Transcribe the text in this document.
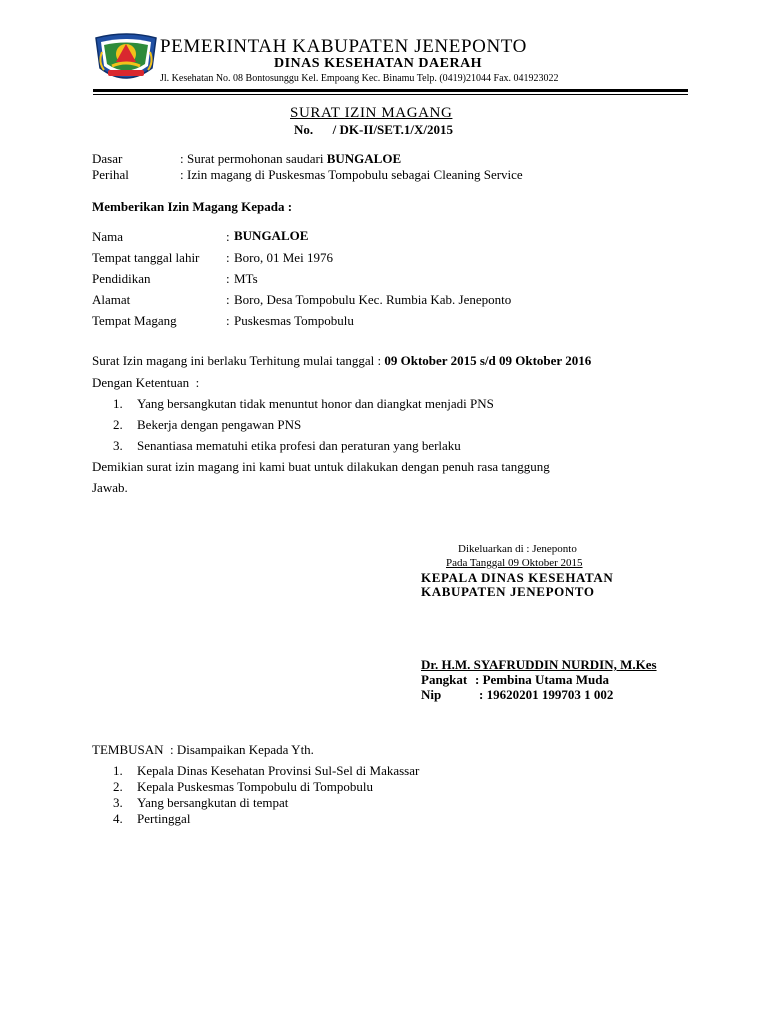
PEMERINTAH KABUPATEN JENEPONTO
DINAS KESEHATAN DAERAH
Jl. Kesehatan No. 08 Bontosunggu Kel. Empoang Kec. Binamu Telp. (0419)21044 Fax. 041923022
SURAT IZIN MAGANG
No.      / DK-II/SET.1/X/2015
Dasar	: Surat permohonan saudari BUNGALOE
Perihal	: Izin magang di Puskesmas Tompobulu sebagai Cleaning Service
Memberikan Izin Magang Kepada :
Nama	: BUNGALOE
Tempat tanggal lahir : Boro, 01 Mei 1976
Pendidikan	: MTs
Alamat	: Boro, Desa Tompobulu Kec. Rumbia Kab. Jeneponto
Tempat Magang	: Puskesmas Tompobulu
Surat Izin magang ini berlaku Terhitung mulai tanggal : 09 Oktober 2015 s/d 09 Oktober 2016
Dengan Ketentuan  :
1. Yang bersangkutan tidak menuntut honor dan diangkat menjadi PNS
2. Bekerja dengan pengawan PNS
3. Senantiasa mematuhi etika profesi dan peraturan yang berlaku
Demikian surat izin magang ini kami buat untuk dilakukan dengan penuh rasa tanggung
Jawab.
Dikeluarkan di : Jeneponto
Pada Tanggal 09 Oktober 2015
KEPALA DINAS KESEHATAN
KABUPATEN JENEPONTO
Dr. H.M. SYAFRUDDIN NURDIN, M.Kes
Pangkat : Pembina Utama Muda
Nip	: 19620201 199703 1 002
TEMBUSAN  : Disampaikan Kepada Yth.
1. Kepala Dinas Kesehatan Provinsi Sul-Sel di Makassar
2. Kepala Puskesmas Tompobulu di Tompobulu
3. Yang bersangkutan di tempat
4. Pertinggal
